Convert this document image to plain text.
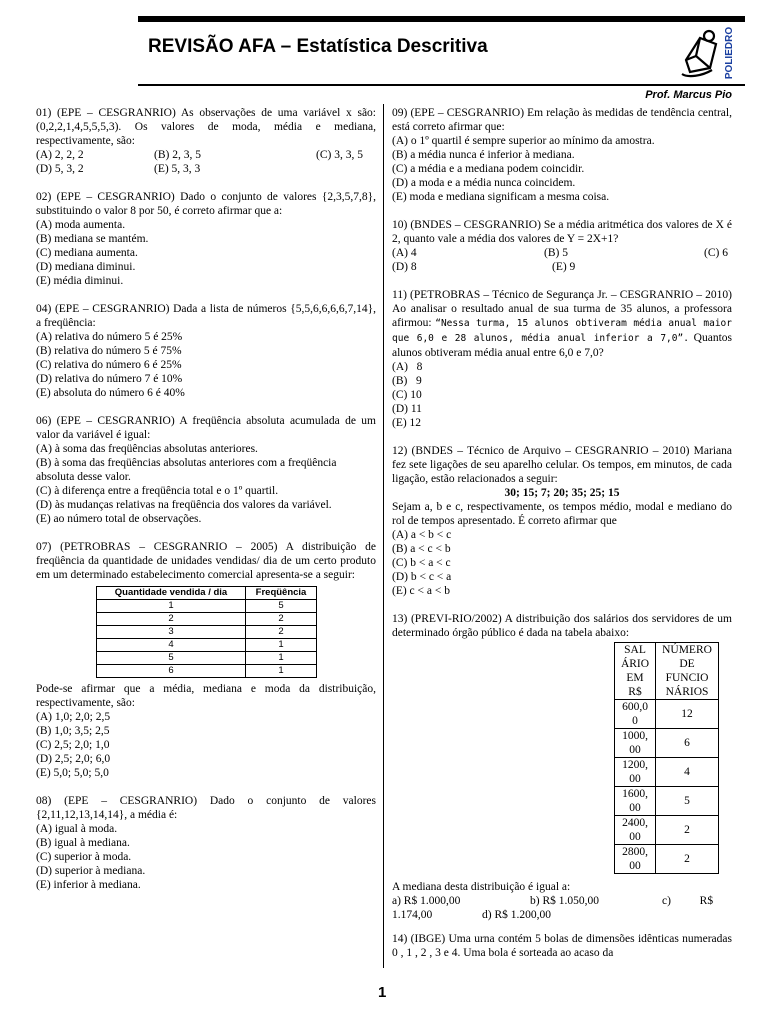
REVISÃO AFA – Estatística Descritiva	POLIEDRO
Prof. Marcus Pio

01) (EPE – CESGRANRIO) As observações de uma variável x são: (0,2,2,1,4,5,5,5,3). Os valores de moda, média e mediana, respectivamente, são:

(A) 2, 2, 2	(B) 2, 3, 5	(C) 3, 3, 5
(D) 5, 3, 2	(E) 5, 3, 3

02) (EPE – CESGRANRIO) Dado o conjunto de valores {2,3,5,7,8}, substituindo o valor 8 por 50, é correto afirmar que a:

(A) moda aumenta.
(B) mediana se mantém.
(C) mediana aumenta.
(D) mediana diminui.
(E) média diminui.

04) (EPE – CESGRANRIO) Dada a lista de números {5,5,6,6,6,6,7,14}, a freqüência:

(A) relativa do número 5 é 25%
(B) relativa do número 5 é 75%
(C) relativa do número 6 é 25%
(D) relativa do número 7 é 10%
(E) absoluta do número 6 é 40%

06) (EPE – CESGRANRIO) A freqüência absoluta acumulada de um valor da variável é igual:

(A) à soma das freqüências absolutas anteriores.
(B) à soma das freqüências absolutas anteriores com a freqüência absoluta desse valor.
(C) à diferença entre a freqüência total e o 1º quartil.
(D) às mudanças relativas na freqüência dos valores da variável.
(E) ao número total de observações.

07) (PETROBRAS – CESGRANRIO – 2005) A distribuição de freqüência da quantidade de unidades vendidas/ dia de um certo produto em um determinado estabelecimento comercial apresenta-se a seguir:

Quantidade vendida / dia	Freqüência
1	5
2	2
3	2
4	1
5	1
6	1

Pode-se afirmar que a média, mediana e moda da distribuição, respectivamente, são:

(A) 1,0; 2,0; 2,5
(B) 1,0; 3,5; 2,5
(C) 2,5; 2,0; 1,0
(D) 2,5; 2,0; 6,0
(E) 5,0; 5,0; 5,0

08) (EPE – CESGRANRIO) Dado o conjunto de valores {2,11,12,13,14,14}, a média é:

(A) igual à moda.
(B) igual à mediana.
(C) superior à moda.
(D) superior à mediana.
(E) inferior à mediana.

09) (EPE – CESGRANRIO) Em relação às medidas de tendência central, está correto afirmar que:

(A) o 1º quartil é sempre superior ao mínimo da amostra.
(B) a média nunca é inferior à mediana.
(C) a média e a mediana podem coincidir.
(D) a moda e a média nunca coincidem.
(E) moda e mediana significam a mesma coisa.

10) (BNDES – CESGRANRIO) Se a média aritmética dos valores de X é 2, quanto vale a média dos valores de Y = 2X+1?

(A) 4	(B) 5	(C) 6
(D) 8	(E) 9

11) (PETROBRAS – Técnico de Segurança Jr. – CESGRANRIO – 2010) Ao analisar o resultado anual de sua turma de 35 alunos, a professora afirmou: “Nessa turma, 15 alunos obtiveram média anual maior que 6,0 e 28 alunos, média anual inferior a 7,0”. Quantos alunos obtiveram média anual entre 6,0 e 7,0?

(A)   8
(B)   9
(C) 10
(D) 11
(E) 12

12) (BNDES – Técnico de Arquivo – CESGRANRIO – 2010) Mariana fez sete ligações de seu aparelho celular. Os tempos, em minutos, de cada ligação, estão relacionados a seguir:

30; 15; 7; 20; 35; 25; 15

Sejam a, b e c, respectivamente, os tempos médio, modal e mediano do rol de tempos apresentado. É correto afirmar que

(A) a < b < c
(B) a < c < b
(C) b < a < c
(D) b < c < a
(E) c < a < b

13) (PREVI-RIO/2002) A distribuição dos salários dos servidores de um determinado órgão público é dada na tabela abaixo:

SAL
ÁRIO
EM
R$	NÚMERO
DE
FUNCIO
NÁRIOS

600,0
0	12

1000,
00	6

1200,
00	4

1600,
00	5

2400,
00	2

2800,
00	2

A mediana desta distribuição é igual a:

a) R$ 1.000,00	b) R$ 1.050,00	c)          R$
1.174,00	d) R$ 1.200,00

14) (IBGE) Uma urna contém 5 bolas de dimensões idênticas numeradas 0 , 1 , 2 , 3 e 4. Uma bola é sorteada ao acaso da

1
